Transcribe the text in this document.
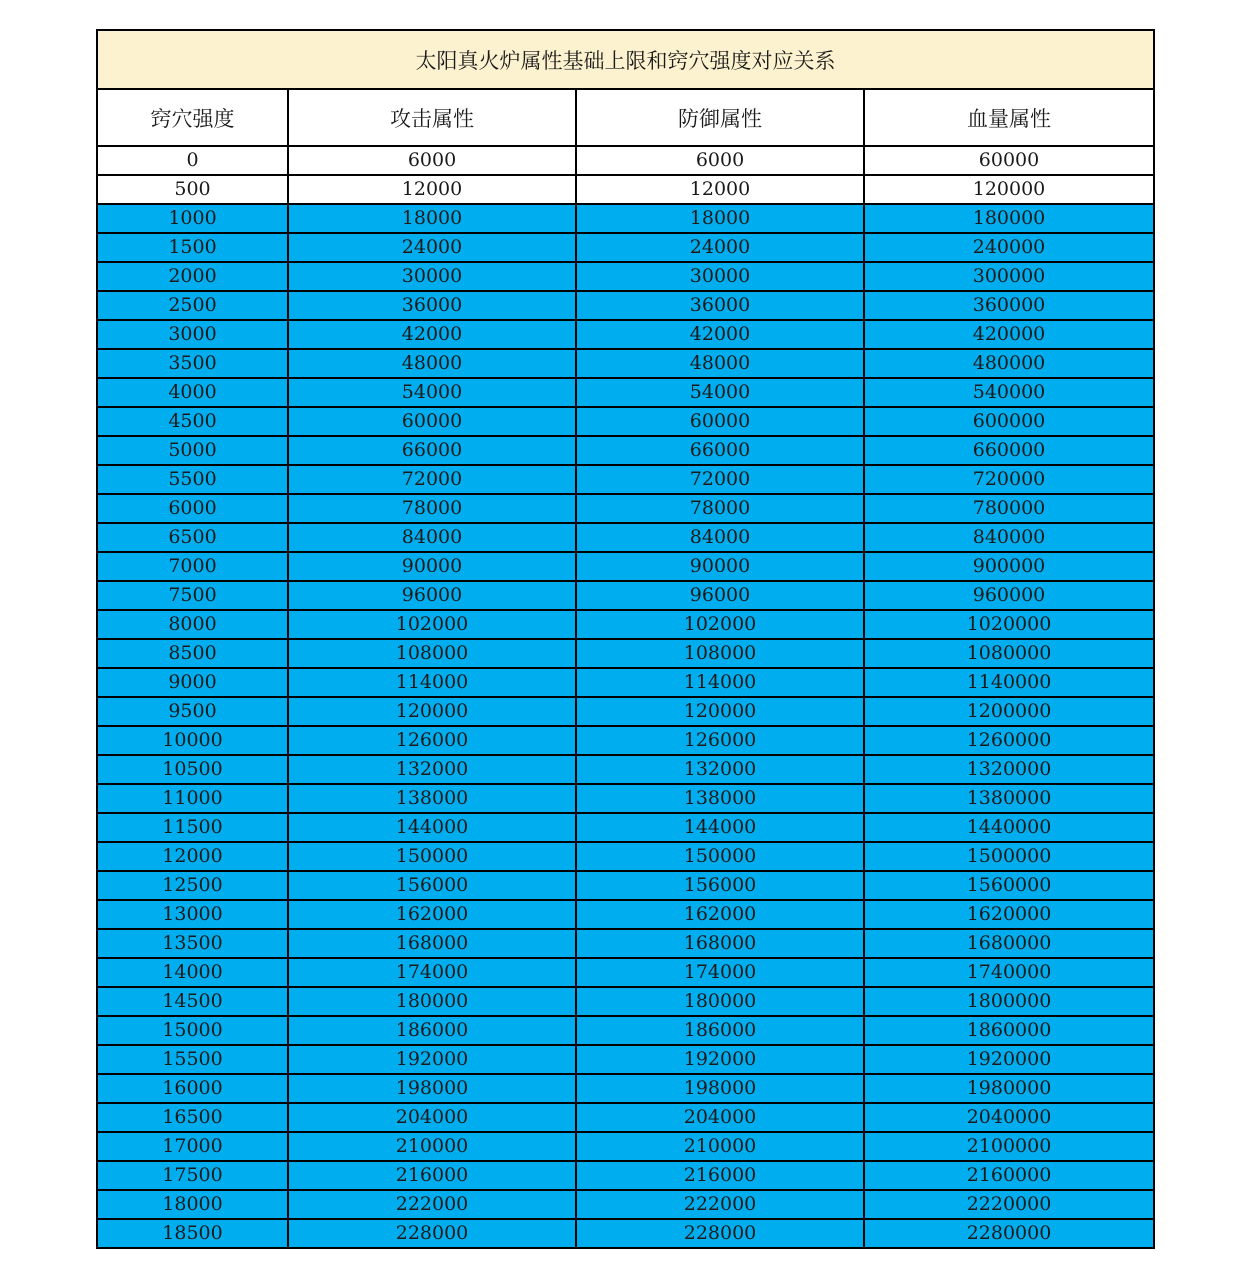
太阳真火炉属性基础上限和窍穴强度对应关系			
窍穴强度	攻击属性	防御属性	血量属性
0	6000	6000	60000
500	12000	12000	120000
1000	18000	18000	180000
1500	24000	24000	240000
2000	30000	30000	300000
2500	36000	36000	360000
3000	42000	42000	420000
3500	48000	48000	480000
4000	54000	54000	540000
4500	60000	60000	600000
5000	66000	66000	660000
5500	72000	72000	720000
6000	78000	78000	780000
6500	84000	84000	840000
7000	90000	90000	900000
7500	96000	96000	960000
8000	102000	102000	1020000
8500	108000	108000	1080000
9000	114000	114000	1140000
9500	120000	120000	1200000
10000	126000	126000	1260000
10500	132000	132000	1320000
11000	138000	138000	1380000
11500	144000	144000	1440000
12000	150000	150000	1500000
12500	156000	156000	1560000
13000	162000	162000	1620000
13500	168000	168000	1680000
14000	174000	174000	1740000
14500	180000	180000	1800000
15000	186000	186000	1860000
15500	192000	192000	1920000
16000	198000	198000	1980000
16500	204000	204000	2040000
17000	210000	210000	2100000
17500	216000	216000	2160000
18000	222000	222000	2220000
18500	228000	228000	2280000
